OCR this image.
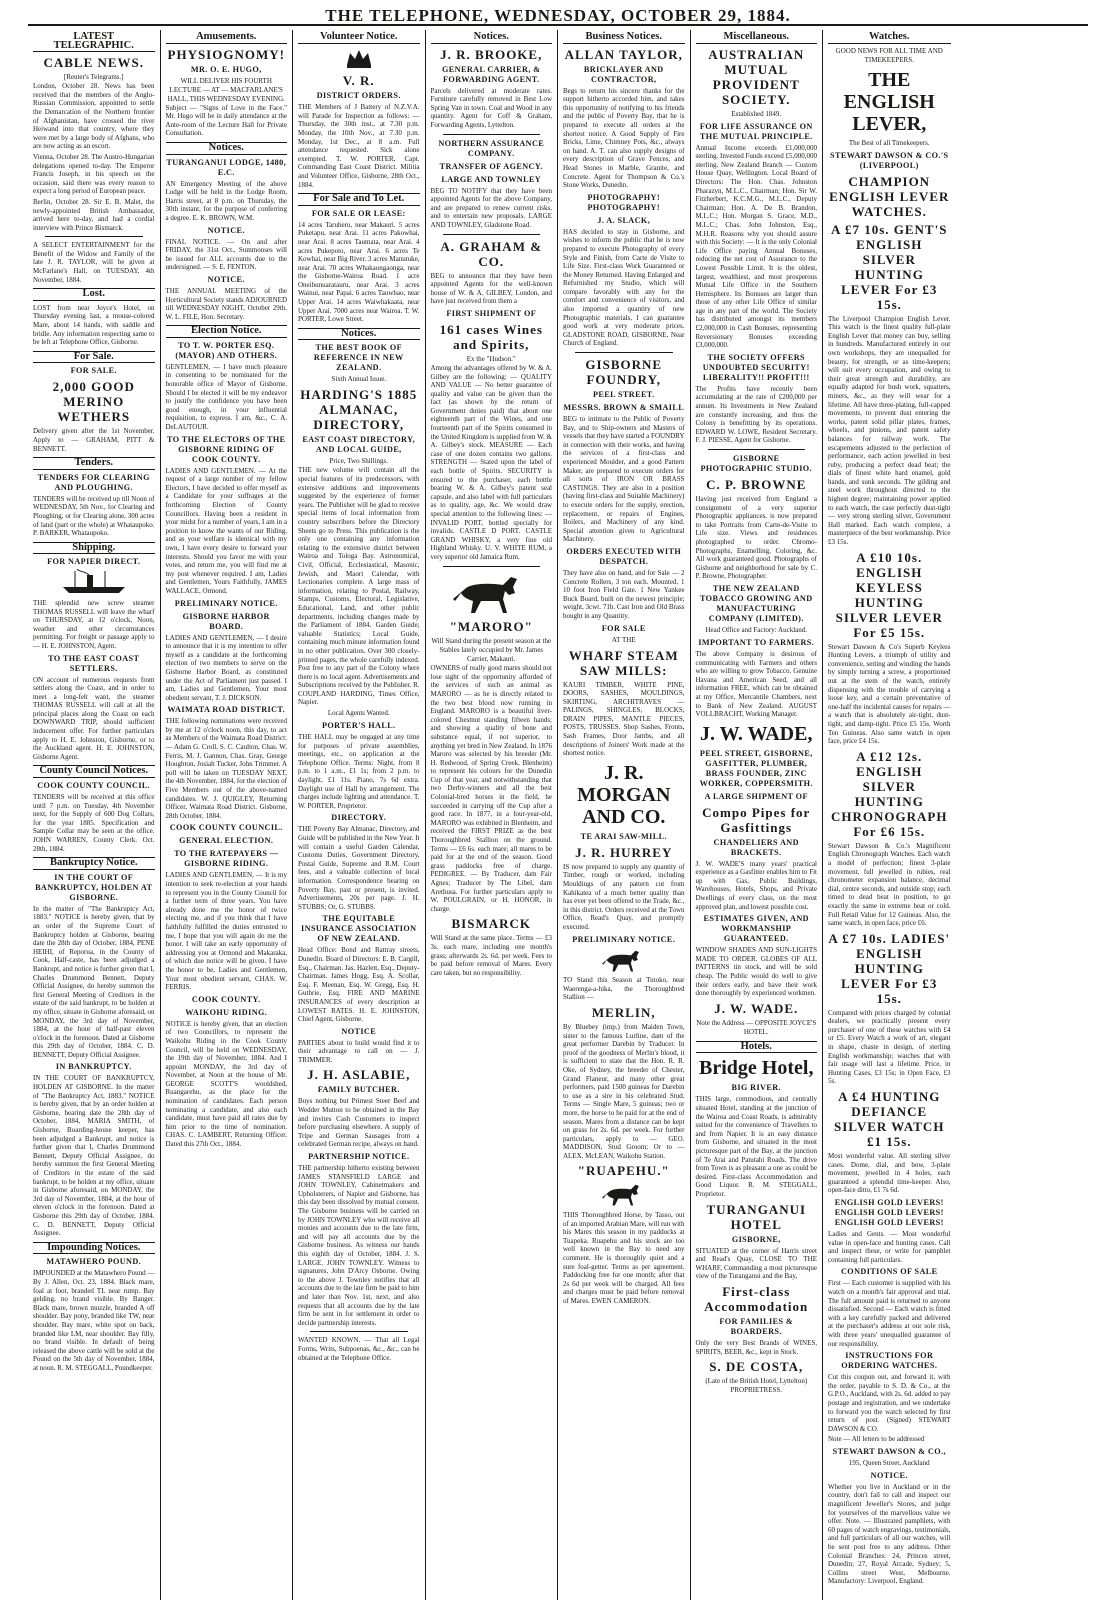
THE TELEPHONE, WEDNESDAY, OCTOBER 29, 1884.
LATEST TELEGRAPHIC.
CABLE NEWS.
[Reuter's Telegrams.]
London, October 28. News has been received that the members of the Anglo-Russian Commission, appointed to settle the Demarcation of the Northern frontier of Afghanistan, have crossed the river Heiwand into that country, where they were met by a large body of Afghans, who are now acting as an escort.
Vienna, October 28. The Austro-Hungarian delegations opened to-day. The Emperor Francis Joseph, in his speech on the occasion, said there was every reason to expect a long period of European peace.
Berlin, October 28. Sir E. B. Malet, the newly-appointed British Ambassador, arrived here to-day, and had a cordial interview with Prince Bismarck.
A SELECT ENTERTAINMENT for the Benefit of the Widow and Family of the late J. R. TAYLOR, will be given at McFarlane's Hall, on TUESDAY, 4th November, 1884.
Lost.
LOST from near Joyce's Hotel, on Thursday evening last, a mouse-colored Mare, about 14 hands, with saddle and bridle. Any information respecting same to be left at Telephone Office, Gisborne.
For Sale.
FOR SALE.
2,000 GOOD MERINO WETHERS
Delivery given after the 1st November. Apply to — GRAHAM, PITT & BENNETT.
Tenders.
TENDERS FOR CLEARING AND PLOUGHING.
TENDERS will be received up till Noon of WEDNESDAY, 5th Nov., for Clearing and Ploughing, or for Clearing alone, 300 acres of land (part or the whole) at Whataupoko. P. BARKER, Whataupoko.
Shipping.
FOR NAPIER DIRECT.
THE splendid new screw steamer THOMAS RUSSELL will leave the wharf on THURSDAY, at 12 o'clock, Noon, weather and other circumstances permitting. For freight or passage apply to — H. E. JOHNSTON, Agent.
TO THE EAST COAST SETTLERS.
ON account of numerous requests from settlers along the Coast, and in order to meet a long-felt want, the steamer THOMAS RUSSELL will call at all the principal places along the Coast on each DOWNWARD TRIP, should sufficient inducement offer. For further particulars apply to H. E. Johnston, Gisborne, or to the Auckland agent. H. E. JOHNSTON, Gisborne Agent.
County Council Notices.
COOK COUNTY COUNCIL.
TENDERS will be received at this office until 7 p.m. on Tuesday, 4th November next, for the Supply of 600 Dog Collars, for the year 1885. Specification and Sample Collar may be seen at the office. JOHN WARREN, County Clerk. Oct. 28th, 1884.
Bankruptcy Notice.
IN THE COURT OF BANKRUPTCY, HOLDEN AT GISBORNE.
In the matter of "The Bankruptcy Act, 1883." NOTICE is hereby given, that by an order of the Supreme Court of Bankruptcy holden at Gisborne, bearing date the 28th day of October, 1884, PENE HEIHI, of Reporua, in the County of Cook, Half-caste, has been adjudged a Bankrupt, and notice is further given that I, Charles Drummond Bennett, Deputy Official Assignee, do hereby summon the first General Meeting of Creditors in the estate of the said bankrupt, to be holden at my office, situate in Gisborne aforesaid, on MONDAY, the 3rd day of November, 1884, at the hour of half-past eleven o'clock in the forenoon. Dated at Gisborne this 29th day of October, 1884. C. D. BENNETT, Deputy Official Assignee.
IN BANKRUPTCY.
IN THE COURT OF BANKRUPTCY, HOLDEN AT GISBORNE. In the matter of "The Bankruptcy Act, 1883." NOTICE is hereby given, that by an order holden at Gisborne, bearing date the 28th day of October, 1884, MARIA SMITH, of Gisborne, Boarding-house keeper, has been adjudged a Bankrupt, and notice is further given that I, Charles Drummond Bennett, Deputy Official Assignee, do hereby summon the first General Meeting of Creditors in the estate of the said bankrupt, to be holden at my office, situate in Gisborne aforesaid, on MONDAY, the 3rd day of November, 1884, at the hour of eleven o'clock in the forenoon. Dated at Gisborne this 29th day of October, 1884. C. D. BENNETT, Deputy Official Assignee.
Impounding Notices.
MATAWHERO POUND.
IMPOUNDED at the Matawhero Pound — By J. Allen, Oct. 23, 1884. Black mare, foal at foot, branded TL near rump. Bay gelding, no brand visible. By Banger. Black mare, brown muzzle, branded A off shoulder. Bay pony, branded like TW, near shoulder. Bay mare, white spot on back, branded like LM, near shoulder. Bay filly, no brand visible. In default of being released the above cattle will be sold at the Pound on the 5th day of November, 1884, at noon. R. M. STEGGALL, Poundkeeper.
Amusements.
PHYSIOGNOMY!
MR. O. E. HUGO,
WILL DELIVER HIS FOURTH LECTURE — AT — MACFARLANE'S HALL, THIS WEDNESDAY EVENING.
Subject — "Signs of Love in the Face." Mr. Hugo will be in daily attendance at the Ante-room of the Lecture Hall for Private Consultation.
Notices.
TURANGANUI LODGE, 1480, E.C.
AN Emergency Meeting of the above Lodge will be held in the Lodge Room, Harris street, at 8 p.m. on Thursday, the 30th instant, for the purpose of conferring a degree. E. K. BROWN, W.M.
NOTICE.
FINAL NOTICE. — On and after FRIDAY, the 31st Oct., Summonses will be issued for ALL accounts due to the undersigned. — S. E. FENTON.
NOTICE.
THE ANNUAL MEETING of the Horticultural Society stands ADJOURNED till WEDNESDAY NIGHT, October 29th. W. L. FILE, Hon. Secretary.
Election Notice.
TO T. W. PORTER ESQ. (MAYOR) AND OTHERS.
GENTLEMEN, — I have much pleasure in consenting to be nominated for the honorable office of Mayor of Gisborne. Should I be elected it will be my endeavor to justify the confidence you have been good enough, in your influential requisition, to express. I am, &c., C. A. DeLAUTOUR.
TO THE ELECTORS OF THE GISBORNE RIDING OF COOK COUNTY.
LADIES AND GENTLEMEN. — At the request of a large number of my fellow Electors, I have decided to offer myself as a Candidate for your suffrages at the forthcoming Election of County Councillors. Having been a resident in your midst for a number of years, I am in a position to know the wants of our Riding, and as your welfare is identical with my own, I have every desire to forward your interests. Should you favor me with your votes, and return me, you will find me at my post whenever required. I am, Ladies and Gentlemen, Yours Faithfully, JAMES WALLACE, Ormond.
PRELIMINARY NOTICE.
GISBORNE HARBOR BOARD.
LADIES AND GENTLEMEN, — I desire to announce that it is my intention to offer myself as a candidate at the forthcoming election of two members to serve on the Gisborne Harbor Board, as constituted under the Act of Parliament just passed. I am, Ladies and Gentlemen, Your most obedient servant, T. J. DICKSON.
WAIMATA ROAD DISTRICT.
THE following nominations were received by me at 12 o'clock noon, this day, to act as Members of the Waimata Road District: — Adam G. Croll, S. C. Caulton, Chas. W. Ferris, M. J. Gannon, Chas. Gray, George Houghton, Josiah Tucker, John Trimmer. A poll will be taken on TUESDAY NEXT, the 4th November, 1884, for the election of Five Members out of the above-named candidates. W. J. QUIGLEY, Returning Officer, Waimata Road District. Gisborne, 28th October, 1884.
COOK COUNTY COUNCIL.
GENERAL ELECTION.
TO THE RATEPAYERS — GISBORNE RIDING.
LADIES AND GENTLEMEN, — It is my intention to seek re-election at your hands to represent you in the County Council for a further term of three years. You have already done me the honor of twice electing me, and if you think that I have faithfully fulfilled the duties entrusted to me, I hope that you will again do me the honor. I will take an early opportunity of addressing you at Ormond and Makaraka, of which due notice will be given. I have the honor to be, Ladies and Gentlemen, Your most obedient servant, CHAS. W. FERRIS.
COOK COUNTY.
WAIKOHU RIDING.
NOTICE is hereby given, that an election of two Councillors, to represent the Waikohu Riding in the Cook County Council, will be held on WEDNESDAY, the 19th day of November, 1884. And I appoint MONDAY, the 3rd day of November, at Noon at the house of Mr. GEORGE SCOTT'S wooldshed, Ruangarehu, as the place for the nomination of candidates. Each person nominating a candidate, and also each candidate, must have paid all rates due by him prior to the time of nomination. CHAS. C. LAMBERT, Returning Officer. Dated this 27th Oct., 1884.
Volunteer Notice.
V. R.
DISTRICT ORDERS.
THE Members of J Battery of N.Z.V.A. will Parade for Inspection as follows: — Thursday, the 30th inst., at 7.30 p.m. Monday, the 10th Nov., at 7.30 p.m. Monday, 1st Dec., at 8 a.m. Full attendance requested. Sick alone exempted. T. W. PORTER, Capt. Commanding East Coast District. Militia and Volunteer Office, Gisborne, 28th Oct., 1884.
For Sale and To Let.
FOR SALE OR LEASE:
14 acres Taruheru, near Makauri. 5 acres Puketapu, near Arai. 11 acres Pakowhai, near Arai. 8 acres Taumata, near Arai. 4 acres Pukepoto, near Arai. 6 acres Te Kowhai, near Big River. 3 acres Manutuke, near Arai. 70 acres Whakaongaonga, near the Gisborne-Wairoa Road. 1 acre Oneihunuaratauru, near Arai. 3 acres Wainui, near Papai. 6 acres Tauwhao, near Upper Arai. 14 acres Waiwhakaata, near Upper Arai. 7000 acres near Wairoa. T. W. PORTER, Lowe Street.
Notices.
THE BEST BOOK OF REFERENCE IN NEW ZEALAND.
Sixth Annual Issue.
HARDING'S 1885 ALMANAC, DIRECTORY,
EAST COAST DIRECTORY, AND LOCAL GUIDE,
Price, Two Shillings.
THE new volume will contain all the special features of its predecessors, with extensive additions and improvements suggested by the experience of former years. The Publisher will be glad to receive special items of local information from country subscribers before the Directory Sheets go to Press. This publication is the only one containing any information relating to the extensive district between Wairoa and Tologa Bay. Astronomical, Civil, Official, Ecclesiastical, Masonic, Jewish, and Maori Calendar, with Lectionaries complete. A large mass of information, relating to Postal, Railway, Stamps, Customs, Electoral, Legislative, Educational, Land, and other public departments, including changes made by the Parliament of 1884. Garden Guide; valuable Statistics; Local Guide, containing much minute information found in no other publication. Over 300 closely-printed pages, the whole carefully indexed. Post free to any part of the Colony where there is no local agent. Advertisements and Subscriptions received by the Publisher. R. COUPLAND HARDING, Times Office, Napier.
Local Agents Wanted.
PORTER'S HALL.
THE HALL may be engaged at any time for purposes of private assemblies, meetings, etc., on application at the Telephone Office. Terms: Night, from 8 p.m. to 1 a.m., £1 1s; from 2 p.m. to daylight, £1 11s. Piano, 7s 6d extra. Daylight use of Hall by arrangement. The charges include lighting and attendance. T. W. PORTER, Proprietor.
DIRECTORY.
THE Poverty Bay Almanac, Directory, and Guide will be published in the New Year. It will contain a useful Garden Calendar, Customs Duties, Government Directory, Postal Guide, Supreme and R.M. Court fees, and a valuable collection of local information. Correspondence bearing on Poverty Bay, past or present, is invited. Advertisements, 20s per page. J. H. STUBBS; Or, G. STUBBS.
THE EQUITABLE INSURANCE ASSOCIATION OF NEW ZEALAND.
Head Office: Bond and Rattray streets, Dunedin. Board of Directors: E. B. Cargill, Esq., Chairman. Jas. Hazlett, Esq., Deputy-Chairman. James Hogg, Esq. A. Scollar, Esq. F. Meenan, Esq. W. Gregg, Esq. H. Guthrie, Esq. FIRE AND MARINE INSURANCES of every description at LOWEST RATES. H. E. JOHNSTON, Chief Agent, Gisborne.
NOTICE
PARTIES about to build would find it to their advantage to call on — J. TRIMMER.
J. H. ASLABIE,
FAMILY BUTCHER.
Buys nothing but Primest Steer Beef and Wedder Mutton to be obtained in the Bay and invites Cash Customers to inspect before purchasing elsewhere. A supply of Tripe and German Sausages from a celebrated German recipe, always on hand.
PARTNERSHIP NOTICE.
THE partnership hitherto existing between JAMES STANSFIELD LARGE and JOHN TOWNLEY, Cabinetmakers and Upholsterers, of Napier and Gisborne, has this day been dissolved by mutual consent. The Gisborne business will be carried on by JOHN TOWNLEY who will receive all monies and accounts due to the late firm, and will pay all accounts due by the Gisborne business. As witness our hands this eighth day of October, 1884. J. S. LARGE. JOHN TOWNLEY. Witness to signatures, John D'Arcy Osborne. Owing to the above J. Townley notifies that all accounts due to the late firm be paid to him and later than Nov. 1st, next, and also requests that all accounts due by the late firm be sent in for settlement in order to decide partnership interests.
WANTED KNOWN. — That all Legal Forms, Writs, Subpoenas, &c., &c., can be obtained at the Telephone Office.
Notices.
J. R. BROOKE,
GENERAL CARRIER, & FORWARDING AGENT.
Parcels delivered at moderate rates. Furniture carefully removed in Best Low Spring Van in town. Coal and Wood in any quantity. Agent for Coff & Graham, Forwarding Agents, Lyttelton.
NORTHERN ASSURANCE COMPANY.
TRANSFER OF AGENCY.
LARGE AND TOWNLEY
BEG TO NOTIFY that they have been appointed Agents for the above Company, and are prepared to renew current risks, and to entertain new proposals. LARGE AND TOWNLEY, Gladstone Road.
A. GRAHAM & CO.
BEG to announce that they have been appointed Agents for the well-known house of W. & A. GILBEY, London, and have just received from them a
FIRST SHIPMENT OF
161 cases Wines and Spirits,
Ex the "Hudson."
Among the advantages offered by W. & A. Gilbey are the following: — QUALITY AND VALUE — No better guarantee of quality and value can be given than the fact (as shown by the return of Government duties paid) that about one eighteenth part of the Wines, and one fourteenth part of the Spirits consumed in the United Kingdom is supplied from W. & A. Gilbey's stock. MEASURE — Each case of one dozen contains two gallons. STRENGTH — Stated upon the label of each bottle of Spirits. SECURITY is ensured to the purchaser, each bottle bearing W. & A. Gilbey's patent seal capsule, and also label with full particulars as to quality, age, &c. We would draw special attention to the following lines: — INVALID PORT, bottled specially for invalids. CASTLE D PORT. CASTLE GRAND WHISKY, a very fine old Highland Whisky. U. V. WHITE RUM, a very superior old Jamaica Rum.
"MARORO"
Will Stand during the present season at the Stables lately occupied by Mr. James Carrier, Makauri.
OWNERS of really good mares should not lose sight of the opportunity afforded of the services of such an animal as MARORO — as he is directly related to the two best blood now running in England. MARORO is a beautiful liver-colored Chestnut standing fifteen hands; and showing a quality of bone and substance equal, if not superior, to anything yet bred in New Zealand. In 1876 Maroro was selected by his breeder (Mr. H. Redwood, of Spring Creek, Blenheim) to represent his colours for the Dunedin Cup of that year, and notwithstanding that two Derby-winners and all the best Colonial-bred horses in the field, he succeeded in carrying off the Cup after a good race. In 1877, in a four-year-old, MARORO was exhibited in Blenheim, and received the FIRST PRIZE as the best Thoroughbred Stallion on the ground. Terms — £6 6s. each mare; all mares to be paid for at the end of the season. Good grass paddocks free of charge. PEDIGREE. — By Traducer, dam Fair Agnes; Traducer by The Libel, dam Arethusa. For further particulars apply to W. POULGRAIN, or H. HONOR, in charge.
BISMARCK
Will Stand at the same place. Terms — £3 3s. each mare, including one month's grass; afterwards 2s. 6d. per week. Fees to be paid before removal of Mares. Every care taken, but no responsibility.
Business Notices.
ALLAN TAYLOR,
BRICKLAYER AND CONTRACTOR,
Begs to return his sincere thanks for the support hitherto accorded him, and takes this opportunity of notifying to his friends and the public of Poverty Bay, that he is prepared to execute all orders at the shortest notice. A Good Supply of Fire Bricks, Lime, Chimney Pots, &c., always on hand. A. T. can also supply designs of every description of Grave Fences, and Head Stones in Marble, Granite, and Concrete. Agent for Thompson & Co.'s Stone Works, Dunedin.
PHOTOGRAPHY! PHOTOGRAPHY!
J. A. SLACK,
HAS decided to stay in Gisborne, and wishes to inform the public that he is now prepared to execute Photography of every Style and Finish, from Carte de Visite to Life Size. First-class Work Guaranteed or the Money Returned. Having Enlarged and Refurnished my Studio, which will compare favorably with any for the comfort and convenience of visitors, and also imported a quantity of new Photographic materials, I can guarantee good work at very moderate prices. GLADSTONE ROAD, GISBORNE, Near Church of England.
GISBORNE FOUNDRY,
PEEL STREET.
MESSRS. BROWN & SMAILL
BEG to intimate to the Public of Poverty Bay, and to Ship-owners and Masters of vessels that they have started a FOUNDRY in connection with their works, and having the services of a first-class and experienced Moulder, and a good Pattern Maker, are prepared to execute orders for all sorts of IRON OR BRASS CASTINGS. They are also in a position (having first-class and Suitable Machinery) to execute orders for the supply, erection, replacement, or repairs of Engines, Boilers, and Machinery of any kind. Special attention given to Agricultural Machinery.
ORDERS EXECUTED WITH DESPATCH.
They have also on hand, and for Sale — 2 Concrete Rollers, 3 ton each. Mounted. 1 10 foot Iron Field Gate. 1 New Yankee Buck Board, built on the newest principle; weight, 3cwt. 71b. Cast Iron and Old Brass bought in any Quantity.
FOR SALE
AT THE
WHARF STEAM SAW MILLS:
KAURI TIMBER, WHITE PINE, DOORS, SASHES, MOULDINGS, SKIRTING, ARCHITRAVES — PALINGS, SHINGLES, BLOCKS, DRAIN PIPES, MANTLE PIECES, POSTS, TRUSSES. Shop Sashes, Fronts, Sash Frames, Door Jambs, and all descriptions of Joiners' Work made at the shortest notice.
J. R. MORGAN AND CO.
TE ARAI SAW-MILL.
J. R. HURREY
IS now prepared to supply any quantity of Timber, rough or worked, including Mouldings of any pattern cut from Kahikatea of a much better quality than has ever yet been offered to the Trade, &c., in this district. Orders received at the Town Office, Read's Quay, and promptly executed.
PRELIMINARY NOTICE.
TO Stand this Season at Tutoko, near Waerenga-a-hika, the Thoroughbred Stallion —
MERLIN,
By Bluebey (imp.) from Maiden Town, sister to the famous Lurline, dam of the great performer Darebin by Traducer. In proof of the goodness of Merlin's blood, it is sufficient to state that the Hon. R. R. Oke, of Sydney, the breeder of Chester, Grand Flaneur, and many other great performers, paid 1500 guineas for Darebin to use as a sire in his celebrated Stud. Terms — Single Mare, 5 guineas; two or more, the horse to be paid for at the end of season. Mares from a distance can be kept on grass for 2s. 6d. per week. For further particulars, apply to — GEO. MADDISON, Stud Groom; Or to — ALEX. McLEAN, Waikohu Station.
"RUAPEHU."
THIS Thoroughbred Horse, by Tasso, out of an imported Arabian Mare, will run with his Mares this season in my paddocks at Tuapeka. Ruapehu and his stock are too well known in the Bay to need any comment. He is thoroughly quiet and a sure foal-getter. Terms as per agreement. Paddocking free for one month; after that 2s 6d per week will be charged. All fees and charges must be paid before removal of Mares. EWEN CAMERON.
Miscellaneous.
AUSTRALIAN MUTUAL PROVIDENT SOCIETY.
Established 1849.
FOR LIFE ASSURANCE ON THE MUTUAL PRINCIPLE.
Annual Income exceeds £1,000,000 sterling. Invested Funds exceed £5,000,000 sterling. New Zealand Branch — Custom House Quay, Wellington. Local Board of Directors: The Hon. Chas. Johnston Pharazyn, M.L.C., Chairman; Hon. Sir W. Fitzherbert, K.C.M.G., M.L.C., Deputy Chairman; Hon. A. De B. Brandon, M.L.C.; Hon. Morgan S. Grace, M.D., M.L.C.; Chas. John Johnston, Esq., M.H.R. Reasons why you should assure with this Society: — It is the only Colonial Life Office paying Annual Bonuses, reducing the net cost of Assurance to the Lowest Possible Limit. It is the oldest, largest, wealthiest, and most prosperous Mutual Life Office in the Southern Hemisphere. Its Bonuses are larger than those of any other Life Office of similar age in any part of the world. The Society has distributed amongst its members £2,000,000 in Cash Bonuses, representing Reversionary Bonuses exceeding £3,000,000.
THE SOCIETY OFFERS UNDOUBTED SECURITY! LIBERALITY!! PROFIT!!!
The Profits have recently been accumulating at the rate of £200,000 per annum. Its Investments in New Zealand are constantly increasing, and thus the Colony is benefitting by its operations. EDWARD W. LOWE, Resident Secretary. F. J. PIESSE, Agent for Gisborne.
GISBORNE PHOTOGRAPHIC STUDIO.
C. P. BROWNE
Having just received from England a consignment of a very superior Photographic appliances, is now prepared to take Portraits from Carte-de-Visite to Life size. Views and residences photographed to order. Chromo-Photographs, Enamelling, Coloring, &c. All work guaranteed good. Photographs of Gisborne and neighborhood for sale by C. P. Browne, Photographer.
THE NEW ZEALAND TOBACCO GROWING AND MANUFACTURING COMPANY (LIMITED).
Head Office and Factory: Auckland.
IMPORTANT TO FARMERS.
The above Company is desirous of communicating with Farmers and others who are willing to grow Tobacco. Genuine Havana and American Seed, and all information FREE, which can be obtained at my Office, Mercantile Chambers, next to Bank of New Zealand. AUGUST VOLLBRACHT, Working Manager.
J. W. WADE,
PEEL STREET, GISBORNE, GASFITTER, PLUMBER, BRASS FOUNDER, ZINC WORKER, COPPERSMITH.
A LARGE SHIPMENT OF
Compo Pipes for Gasfittings
CHANDELIERS AND BRACKETS.
J. W. WADE'S many years' practical experience as a Gasfitter enables him to Fit up with Gas, Public Buildings, Warehouses, Hotels, Shops, and Private Dwellings of every class, on the most approved plan, and lowest possible cost.
ESTIMATES GIVEN, AND WORKMANSHIP GUARANTEED.
WINDOW SHADES AND SUN-LIGHTS MADE TO ORDER. GLOBES OF ALL PATTERNS tin stock, and will be sold cheap. The Public would do well to give their orders early, and have their work done thoroughly by experienced workmen.
J. W. WADE.
Note the Address — OPPOSITE JOYCE'S HOTEL.
Hotels.
Bridge Hotel,
BIG RIVER.
THIS large, commodious, and centrally situated Hotel, standing at the junction of the Wairoa and Coast Roads, is admirably suited for the convenience of Travellers to and from Napier. It is an easy distance from Gisborne, and situated in the most picturesque part of the Bay, at the junction of Te Arai and Patutahi Roads. The drive from Town is as pleasant a one as could be desired. First-class Accommodation and Good Liquor. R. M. STEGGALL, Proprietor.
TURANGANUI HOTEL
GISBORNE,
SITUATED at the corner of Harris street and Read's Quay, CLOSE TO THE WHARF, Commanding a most picturesque view of the Turanganui and the Bay,
First-class Accommodation
FOR FAMILIES & BOARDERS.
Only the very Best Brands of WINES, SPIRITS, BEER, &c., kept in Stock.
S. DE COSTA,
(Late of the British Hotel, Lyttelton) PROPRIETRESS.
Watches.
GOOD NEWS FOR ALL TIME AND TIMEKEEPERS.
THE ENGLISH LEVER,
The Best of all Timekeepers.
STEWART DAWSON & CO.'S (LIVERPOOL)
CHAMPION ENGLISH LEVER WATCHES.
A £7 10s. GENT'S ENGLISH SILVER HUNTING LEVER For £3 15s.
The Liverpool Champion English Lever. This watch is the finest quality full-plate English Lever that money can buy, selling in hundreds. Manufactured entirely in our own workshops, they are unequalled for beauty, for strength, or as time-keepers; will suit every occupation, and owing to their great strength and durability, are equally adapted for bush work, squatters, miners, &c., as they will wear for a lifetime. All have three-plating, full-capped movements, to prevent dust entering the works, patent solid pillar plates, frames, wheels, and pinions, and patent safety balances for railway work. The escapements adjusted to the perfection of performance, each action jewelled in best ruby, producing a perfect dead beat; the dials of finest white hard enamel, gold hands, and sunk seconds. The gilding and steel work throughout directed to the highest degree; maintaining power applied to each watch, the case perfectly dust-tight — very strong sterling silver, Government Hall marked. Each watch complete, a masterpiece of the best workmanship. Price £3 15s.
A £10 10s. ENGLISH KEYLESS HUNTING SILVER LEVER For £5 15s.
Stewart Dawson & Co's Superb Keyless Hunting Levers, a triumph of utility and convenience, setting and winding the hands by simply turning a screw, a proportioned nut at the stem of the watch, entirely dispensing with the trouble of carrying a loose key, and a certain preventative of one-half the incidental causes for repairs — a watch that is absolutely air-tight, dust-tight, and damp-tight. Price £5 15s. Worth Ten Guineas. Also same watch in open face, price £4 15s.
A £12 12s. ENGLISH SILVER HUNTING CHRONOGRAPH For £6 15s.
Stewart Dawson & Co.'s Magnificent English Chronograph Watches. Each watch a model of perfection; finest 3-plate movement, full jewelled in rubies, real chronometer expansion balance, decimal dial, centre seconds, and outside stop; each timed to dead beat in position, to go exactly the same in extreme heat or cold. Full Retail Value for 12 Guineas. Also, the same watch, in open face, price £6.
A £7 10s. LADIES' ENGLISH HUNTING LEVER For £3 15s.
Compared with prices charged by colonial dealers, we practically present every purchaser of one of these watches with £4 or £5. Every Watch a work of art, elegant in shape, chaste in design, of sterling English workmanship; watches that with fair usage will last a lifetime. Price, in Hunting Cases, £3 15s; in Open Face, £3 5s.
A £4 HUNTING DEFIANCE SILVER WATCH £1 15s.
Most wonderful value. All sterling silver cases. Dome, dial, and bow, 3-plate movement, jewelled in 4 holes, each guaranteed a splendid time-keeper. Also, open-face ditto, £1 7s 6d.
ENGLISH GOLD LEVERS! ENGLISH GOLD LEVERS! ENGLISH GOLD LEVERS!
Ladies and Gents. — Most wonderful value in open-face and hunting cases. Call and inspect these, or write for pamphlet containing full particulars.
CONDITIONS OF SALE
First — Each customer is supplied with his watch on a month's fair approval and trial. The full amount paid is returned to anyone dissatisfied. Second — Each watch is fitted with a key carefully packed and delivered at the purchaser's address at our sole risk, with three years' unequalled guarantee of our responsibility.
INSTRUCTIONS FOR ORDERING WATCHES.
Cut this coupon out, and forward it, with the order, payable to S. D. & Co., at the G.P.O., Auckland, with 2s. 6d. added to pay postage and registration, and we undertake to forward you the watch selected by first return of post. (Signed) STEWART DAWSON & CO.
Note — All letters to be addressed
STEWART DAWSON & CO.,
195, Queen Street, Auckland
NOTICE.
Whether you live in Auckland or in the country, don't fail to call and inspect our magnificent Jeweller's Stores, and judge for yourselves of the marvellous value we offer. Note. — Illustrated pamphlets, with 60 pages of watch engravings, testimonials, and full particulars of all our watches, will be sent post free to any address. Other Colonial Branches: 24, Princes street, Dunedin; 27, Royal Arcade, Sydney; 5, Collins street West, Melbourne. Manufactory: Liverpool, England.
